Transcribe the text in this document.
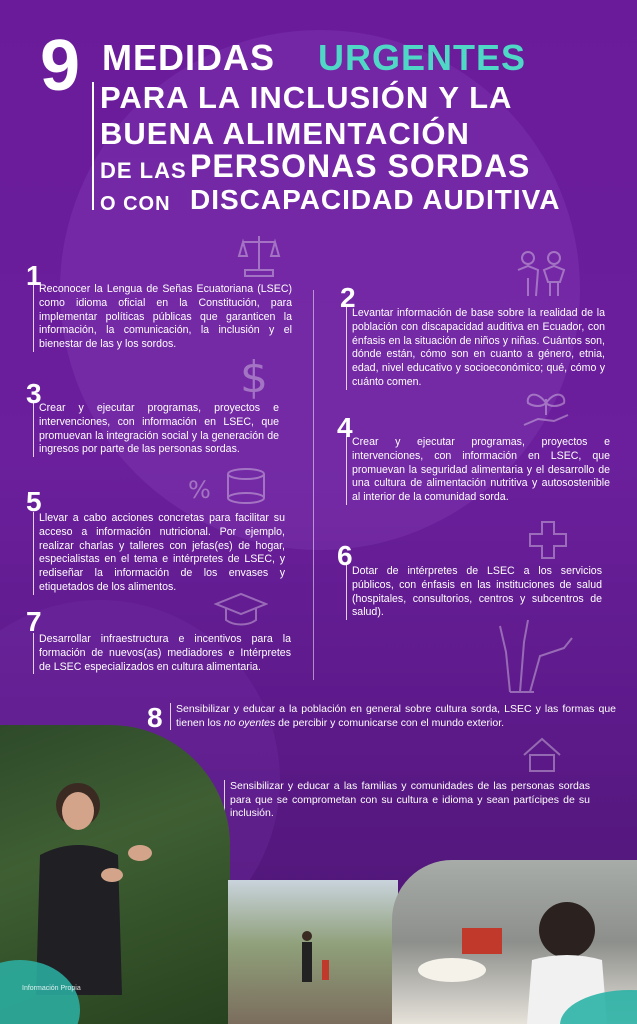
9 MEDIDAS URGENTES
PARA LA INCLUSIÓN Y LA
BUENA ALIMENTACIÓN
DE LAS PERSONAS SORDAS
O CON DISCAPACIDAD AUDITIVA
$
%
1
Reconocer la Lengua de Señas Ecuatoriana (LSEC) como idioma oficial en la Constitución, para implementar políticas públicas que garanticen la información, la comunicación, la inclusión y el bienestar de las y los sordos.
2
Levantar información de base sobre la realidad de la población con discapacidad auditiva en Ecuador, con énfasis en la situación de niños y niñas. Cuántos son, dónde están, cómo son en cuanto a género, etnia, edad, nivel educativo y socioeconómico; qué, cómo y cuánto comen.
3
Crear y ejecutar programas, proyectos e intervenciones, con información en LSEC, que promuevan la integración social y la generación de ingresos por parte de las personas sordas.
4 Crear y ejecutar programas, proyectos e intervenciones, con información en LSEC, que promuevan la seguridad alimentaria y el desarrollo de una cultura de alimentación nutritiva y autosostenible al interior de la comunidad sorda.
5
Llevar a cabo acciones concretas para facilitar su acceso a información nutricional. Por ejemplo, realizar charlas y talleres con jefas(es) de hogar, especialistas en el tema e intérpretes de LSEC, y rediseñar la información de los envases y etiquetados de los alimentos.
6 Dotar de intérpretes de LSEC a los servicios públicos, con énfasis en las instituciones de salud (hospitales, consultorios, centros y subcentros de salud).
7
Desarrollar infraestructura e incentivos para la formación de nuevos(as) mediadores e Intérpretes de LSEC especializados en cultura alimentaria.
8	Sensibilizar y educar a la población en general sobre cultura sorda, LSEC y las formas que tienen los no oyentes de percibir y comunicarse con el mundo exterior.
Sensibilizar y educar a las familias y comunidades de las personas sordas para que se comprometan con su cultura e idioma y sean partícipes de su inclusión.
Información Propia
